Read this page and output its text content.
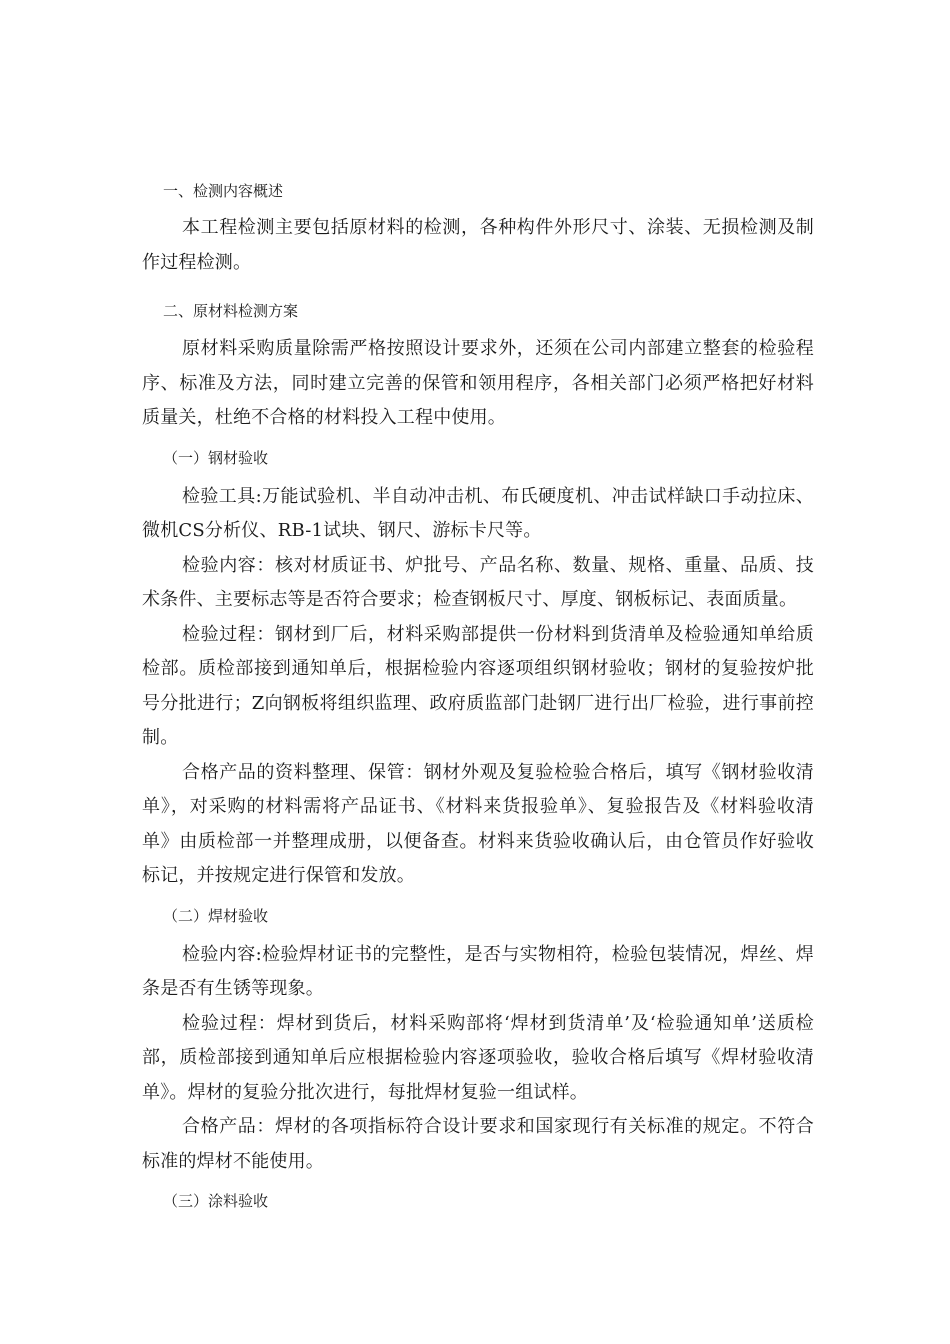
一、检测内容概述

本工程检测主要包括原材料的检测，各种构件外形尺寸、涂装、无损检测及制作过程检测。

二、原材料检测方案

原材料采购质量除需严格按照设计要求外，还须在公司内部建立整套的检验程序、标准及方法，同时建立完善的保管和领用程序，各相关部门必须严格把好材料质量关，杜绝不合格的材料投入工程中使用。

（一）钢材验收

检验工具:万能试验机、半自动冲击机、布氏硬度机、冲击试样缺口手动拉床、微机CS分析仪、RB-1试块、钢尺、游标卡尺等。

检验内容：核对材质证书、炉批号、产品名称、数量、规格、重量、品质、技术条件、主要标志等是否符合要求；检查钢板尺寸、厚度、钢板标记、表面质量。

检验过程：钢材到厂后，材料采购部提供一份材料到货清单及检验通知单给质检部。质检部接到通知单后，根据检验内容逐项组织钢材验收；钢材的复验按炉批号分批进行；Z向钢板将组织监理、政府质监部门赴钢厂进行出厂检验，进行事前控制。

合格产品的资料整理、保管：钢材外观及复验检验合格后，填写《钢材验收清单》，对采购的材料需将产品证书、《材料来货报验单》、复验报告及《材料验收清单》由质检部一并整理成册，以便备查。材料来货验收确认后，由仓管员作好验收标记，并按规定进行保管和发放。

（二）焊材验收

检验内容:检验焊材证书的完整性，是否与实物相符，检验包装情况，焊丝、焊条是否有生锈等现象。

检验过程：焊材到货后，材料采购部将‘焊材到货清单’及‘检验通知单’送质检部，质检部接到通知单后应根据检验内容逐项验收，验收合格后填写《焊材验收清单》。焊材的复验分批次进行，每批焊材复验一组试样。

合格产品：焊材的各项指标符合设计要求和国家现行有关标准的规定。不符合标准的焊材不能使用。

（三）涂料验收
